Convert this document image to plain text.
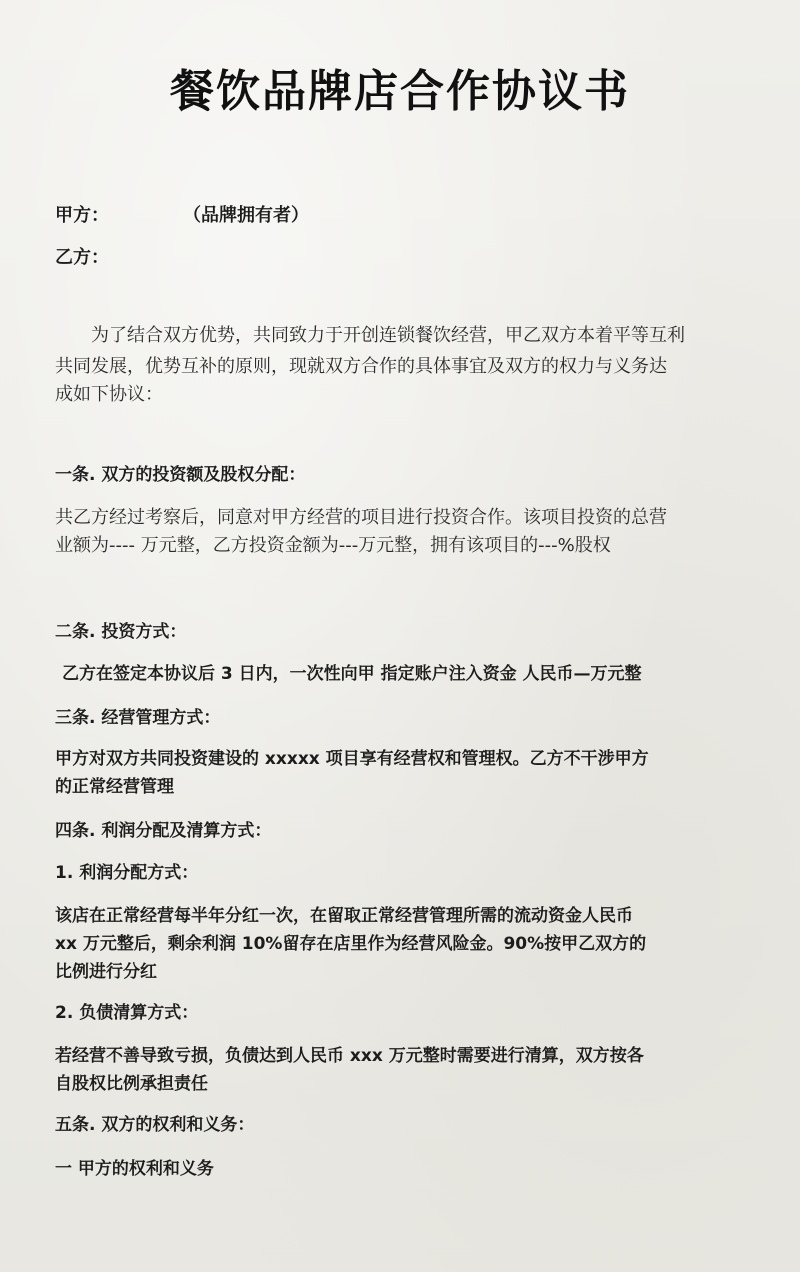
餐饮品牌店合作协议书
甲方：	（品牌拥有者）
乙方：
为了结合双方优势，共同致力于开创连锁餐饮经营，甲乙双方本着平等互利
共同发展，优势互补的原则，现就双方合作的具体事宜及双方的权力与义务达
成如下协议：
一条. 双方的投资额及股权分配：
共乙方经过考察后，同意对甲方经营的项目进行投资合作。该项目投资的总营
业额为---- 万元整，乙方投资金额为---万元整，拥有该项目的---%股权
二条. 投资方式：
乙方在签定本协议后 3 日内，一次性向甲 指定账户注入资金 人民币—万元整
三条. 经营管理方式：
甲方对双方共同投资建设的 xxxxx 项目享有经营权和管理权。乙方不干涉甲方
的正常经营管理
四条. 利润分配及清算方式：
1. 利润分配方式：
该店在正常经营每半年分红一次，在留取正常经营管理所需的流动资金人民币
xx 万元整后，剩余利润 10%留存在店里作为经营风险金。90%按甲乙双方的
比例进行分红
2. 负债清算方式：
若经营不善导致亏损，负债达到人民币 xxx 万元整时需要进行清算，双方按各
自股权比例承担责任
五条. 双方的权利和义务：
一 甲方的权利和义务
